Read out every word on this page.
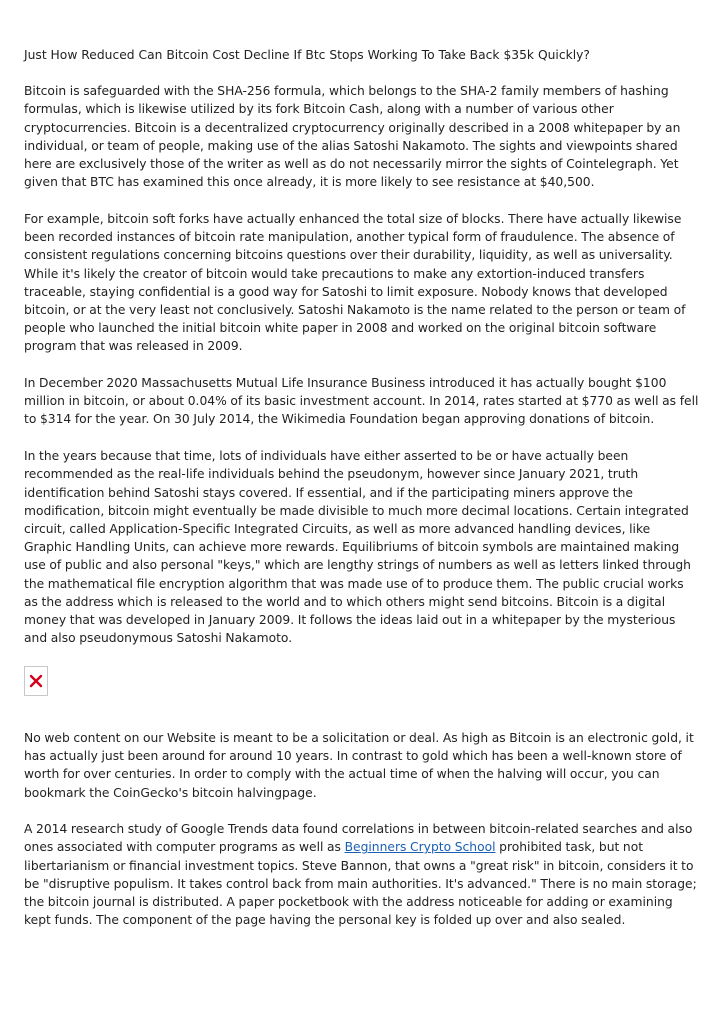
Just How Reduced Can Bitcoin Cost Decline If Btc Stops Working To Take Back $35k Quickly?

Bitcoin is safeguarded with the SHA-256 formula, which belongs to the SHA-2 family members of hashing formulas, which is likewise utilized by its fork Bitcoin Cash, along with a number of various other cryptocurrencies. Bitcoin is a decentralized cryptocurrency originally described in a 2008 whitepaper by an individual, or team of people, making use of the alias Satoshi Nakamoto. The sights and viewpoints shared here are exclusively those of the writer as well as do not necessarily mirror the sights of Cointelegraph. Yet given that BTC has examined this once already, it is more likely to see resistance at $40,500.

For example, bitcoin soft forks have actually enhanced the total size of blocks. There have actually likewise been recorded instances of bitcoin rate manipulation, another typical form of fraudulence. The absence of consistent regulations concerning bitcoins questions over their durability, liquidity, as well as universality. While it's likely the creator of bitcoin would take precautions to make any extortion-induced transfers traceable, staying confidential is a good way for Satoshi to limit exposure. Nobody knows that developed bitcoin, or at the very least not conclusively. Satoshi Nakamoto is the name related to the person or team of people who launched the initial bitcoin white paper in 2008 and worked on the original bitcoin software program that was released in 2009.

In December 2020 Massachusetts Mutual Life Insurance Business introduced it has actually bought $100 million in bitcoin, or about 0.04% of its basic investment account. In 2014, rates started at $770 as well as fell to $314 for the year. On 30 July 2014, the Wikimedia Foundation began approving donations of bitcoin.

In the years because that time, lots of individuals have either asserted to be or have actually been recommended as the real-life individuals behind the pseudonym, however since January 2021, truth identification behind Satoshi stays covered. If essential, and if the participating miners approve the modification, bitcoin might eventually be made divisible to much more decimal locations. Certain integrated circuit, called Application-Specific Integrated Circuits, as well as more advanced handling devices, like Graphic Handling Units, can achieve more rewards. Equilibriums of bitcoin symbols are maintained making use of public and also personal "keys," which are lengthy strings of numbers as well as letters linked through the mathematical file encryption algorithm that was made use of to produce them. The public crucial works as the address which is released to the world and to which others might send bitcoins. Bitcoin is a digital money that was developed in January 2009. It follows the ideas laid out in a whitepaper by the mysterious and also pseudonymous Satoshi Nakamoto.

No web content on our Website is meant to be a solicitation or deal. As high as Bitcoin is an electronic gold, it has actually just been around for around 10 years. In contrast to gold which has been a well-known store of worth for over centuries. In order to comply with the actual time of when the halving will occur, you can bookmark the CoinGecko's bitcoin halvingpage.

A 2014 research study of Google Trends data found correlations in between bitcoin-related searches and also ones associated with computer programs as well as Beginners Crypto School prohibited task, but not libertarianism or financial investment topics. Steve Bannon, that owns a "great risk" in bitcoin, considers it to be "disruptive populism. It takes control back from main authorities. It's advanced." There is no main storage; the bitcoin journal is distributed. A paper pocketbook with the address noticeable for adding or examining kept funds. The component of the page having the personal key is folded up over and also sealed.
